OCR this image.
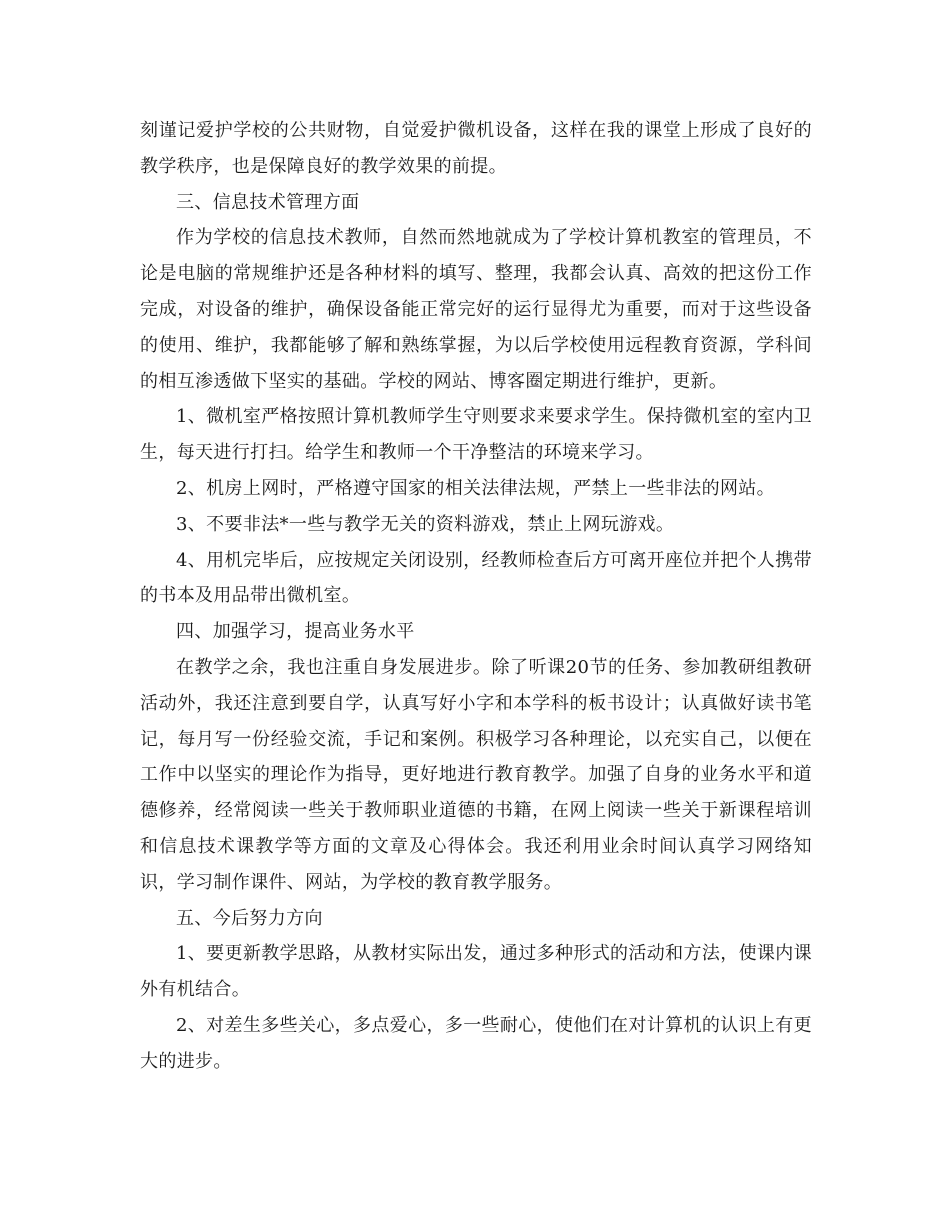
刻谨记爱护学校的公共财物，自觉爱护微机设备，这样在我的课堂上形成了良好的教学秩序，也是保障良好的教学效果的前提。

三、信息技术管理方面

作为学校的信息技术教师，自然而然地就成为了学校计算机教室的管理员，不论是电脑的常规维护还是各种材料的填写、整理，我都会认真、高效的把这份工作完成，对设备的维护，确保设备能正常完好的运行显得尤为重要，而对于这些设备的使用、维护，我都能够了解和熟练掌握，为以后学校使用远程教育资源，学科间的相互渗透做下坚实的基础。学校的网站、博客圈定期进行维护，更新。

1、微机室严格按照计算机教师学生守则要求来要求学生。保持微机室的室内卫生，每天进行打扫。给学生和教师一个干净整洁的环境来学习。

2、机房上网时，严格遵守国家的相关法律法规，严禁上一些非法的网站。

3、不要非法*一些与教学无关的资料游戏，禁止上网玩游戏。

4、用机完毕后，应按规定关闭设别，经教师检查后方可离开座位并把个人携带的书本及用品带出微机室。

四、加强学习，提高业务水平

在教学之余，我也注重自身发展进步。除了听课20节的任务、参加教研组教研活动外，我还注意到要自学，认真写好小字和本学科的板书设计；认真做好读书笔记，每月写一份经验交流，手记和案例。积极学习各种理论，以充实自己，以便在工作中以坚实的理论作为指导，更好地进行教育教学。加强了自身的业务水平和道德修养，经常阅读一些关于教师职业道德的书籍，在网上阅读一些关于新课程培训和信息技术课教学等方面的文章及心得体会。我还利用业余时间认真学习网络知识，学习制作课件、网站，为学校的教育教学服务。

五、今后努力方向

1、要更新教学思路，从教材实际出发，通过多种形式的活动和方法，使课内课外有机结合。

2、对差生多些关心，多点爱心，多一些耐心，使他们在对计算机的认识上有更大的进步。
